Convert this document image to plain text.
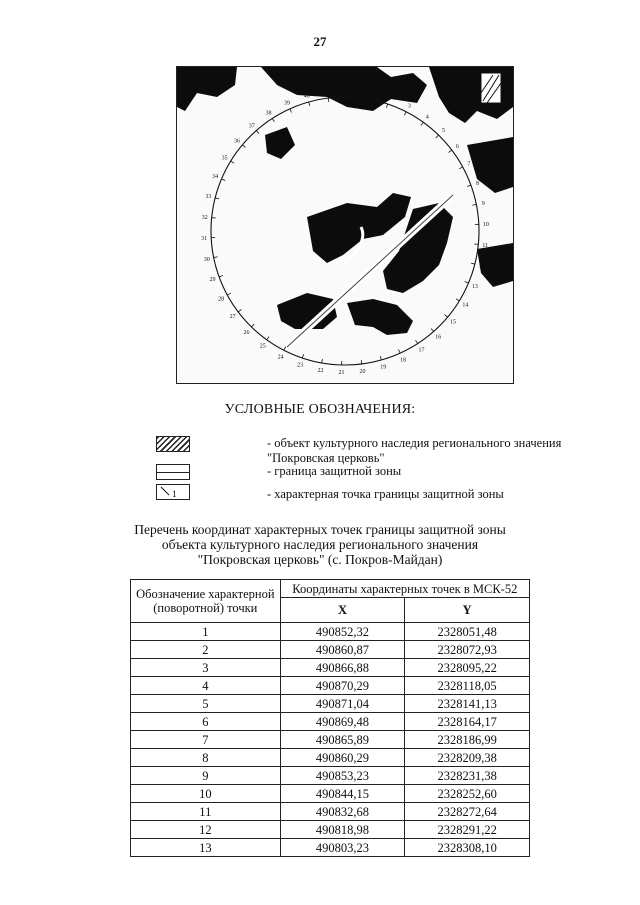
27
1
2
3
4
5
6
7
8
9
10
11
12
13
14
15
16
17
18
19
20
21
22
23
24
25
26
27
28
29
30
31
32
33
34
35
36
37
38
39
40
41	42
УСЛОВНЫЕ ОБОЗНАЧЕНИЯ:
- объект культурного наследия регионального значения "Покровская церковь"
- граница защитной зоны
1	- характерная точка границы защитной зоны
Перечень координат характерных точек границы защитной зоны
объекта культурного наследия регионального значения
"Покровская церковь" (с. Покров-Майдан)
Обозначение характерной (поворотной) точки	Координаты характерных точек в МСК-52	
	X	Y
1	490852,32	2328051,48
2	490860,87	2328072,93
3	490866,88	2328095,22
4	490870,29	2328118,05
5	490871,04	2328141,13
6	490869,48	2328164,17
7	490865,89	2328186,99
8	490860,29	2328209,38
9	490853,23	2328231,38
10	490844,15	2328252,60
11	490832,68	2328272,64
12	490818,98	2328291,22
13	490803,23	2328308,10
